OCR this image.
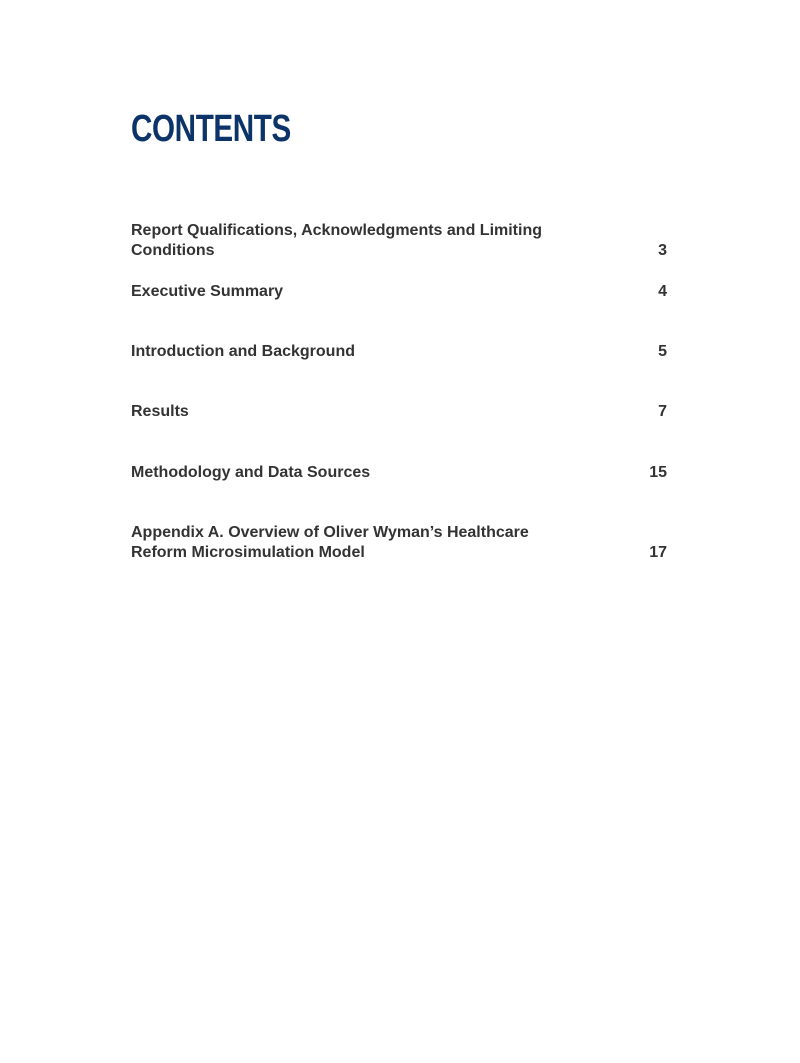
CONTENTS
Report Qualifications, Acknowledgments and Limiting Conditions	3
Executive Summary	4
Introduction and Background	5
Results	7
Methodology and Data Sources	15
Appendix A. Overview of Oliver Wyman’s Healthcare
Reform Microsimulation Model	17
